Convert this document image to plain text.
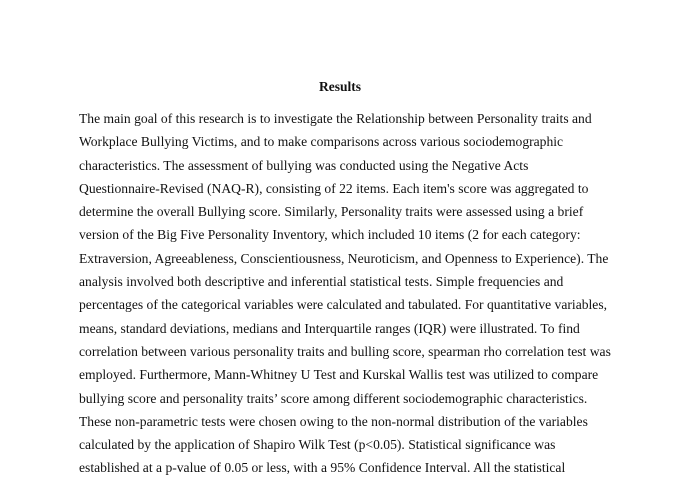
Results
The main goal of this research is to investigate the Relationship between Personality traits and
Workplace Bullying Victims, and to make comparisons across various sociodemographic
characteristics. The assessment of bullying was conducted using the Negative Acts
Questionnaire-Revised (NAQ-R), consisting of 22 items. Each item's score was aggregated to
determine the overall Bullying score. Similarly, Personality traits were assessed using a brief
version of the Big Five Personality Inventory, which included 10 items (2 for each category:
Extraversion, Agreeableness, Conscientiousness, Neuroticism, and Openness to Experience). The
analysis involved both descriptive and inferential statistical tests. Simple frequencies and
percentages of the categorical variables were calculated and tabulated. For quantitative variables,
means, standard deviations, medians and Interquartile ranges (IQR) were illustrated. To find
correlation between various personality traits and bulling score, spearman rho correlation test was
employed. Furthermore, Mann-Whitney U Test and Kurskal Wallis test was utilized to compare
bullying score and personality traits’ score among different sociodemographic characteristics.
These non-parametric tests were chosen owing to the non-normal distribution of the variables
calculated by the application of Shapiro Wilk Test (p<0.05). Statistical significance was
established at a p-value of 0.05 or less, with a 95% Confidence Interval. All the statistical
